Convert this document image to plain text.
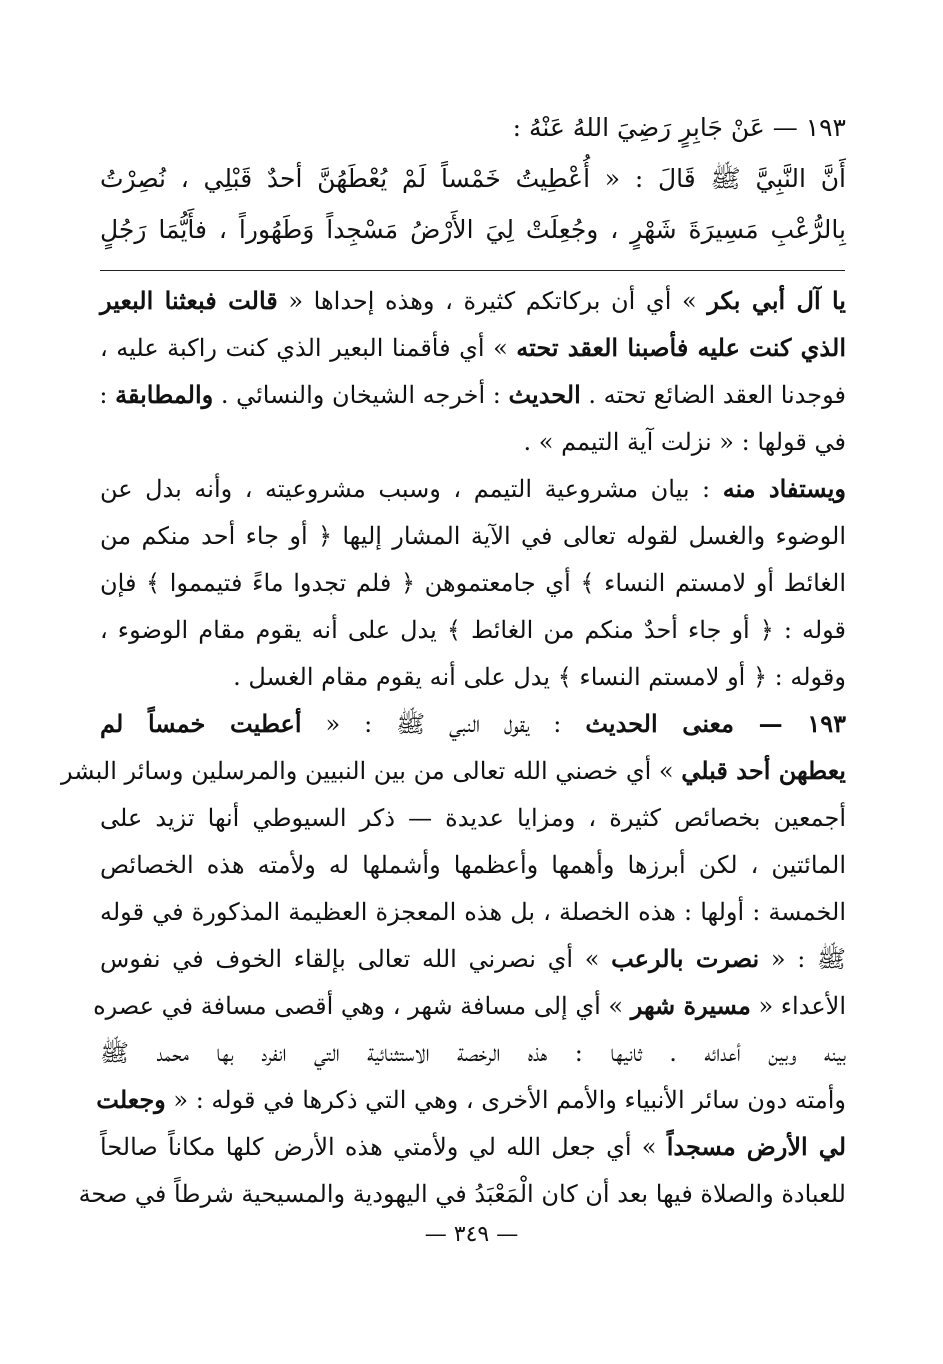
١٩٣ — عَنْ جَابِرٍ رَضِيَ اللهُ عَنْهُ :
أَنَّ النَّبِيَّ ﷺ قَالَ : « أُعْطِيتُ خَمْساً لَمْ يُعْطَهُنَّ أحدٌ قَبْلِي ، نُصِرْتُ
بِالرُّعْبِ مَسِيرَةَ شَهْرٍ ، وجُعِلَتْ لِيَ الأَرْضُ مَسْجِداً وَطَهُوراً ، فأَيُّمَا رَجُلٍ
يا آل أبي بكر » أي أن بركاتكم كثيرة ، وهذه إحداها « قالت فبعثنا البعير
الذي كنت عليه فأصبنا العقد تحته » أي فأقمنا البعير الذي كنت راكبة عليه ،
فوجدنا العقد الضائع تحته . الحديث : أخرجه الشيخان والنسائي . والمطابقة :
في قولها : « نزلت آية التيمم » .
ويستفاد منه : بيان مشروعية التيمم ، وسبب مشروعيته ، وأنه بدل عن
الوضوء والغسل لقوله تعالى في الآية المشار إليها ﴿ أو جاء أحد منكم من
الغائط أو لامستم النساء ﴾ أي جامعتموهن ﴿ فلم تجدوا ماءً فتيمموا ﴾ فإن
قوله : ﴿ أو جاء أحدٌ منكم من الغائط ﴾ يدل على أنه يقوم مقام الوضوء ،
وقوله : ﴿ أو لامستم النساء ﴾ يدل على أنه يقوم مقام الغسل .
١٩٣ — معنى الحديث : يقول النبي ﷺ : « أعطيت خمساً لم
يعطهن أحد قبلي » أي خصني الله تعالى من بين النبيين والمرسلين وسائر البشر
أجمعين بخصائص كثيرة ، ومزايا عديدة — ذكر السيوطي أنها تزيد على
المائتين ، لكن أبرزها وأهمها وأعظمها وأشملها له ولأمته هذه الخصائص
الخمسة : أولها : هذه الخصلة ، بل هذه المعجزة العظيمة المذكورة في قوله
ﷺ : « نصرت بالرعب » أي نصرني الله تعالى بإلقاء الخوف في نفوس
الأعداء « مسيرة شهر » أي إلى مسافة شهر ، وهي أقصى مسافة في عصره
بينه وبين أعدائه . ثانيها : هذه الرخصة الاستثنائية التي انفرد بها محمد ﷺ
وأمته دون سائر الأنبياء والأمم الأخرى ، وهي التي ذكرها في قوله : « وجعلت
لي الأرض مسجداً » أي جعل الله لي ولأمتي هذه الأرض كلها مكاناً صالحاً
للعبادة والصلاة فيها بعد أن كان الْمَعْبَدُ في اليهودية والمسيحية شرطاً في صحة
— ٣٤٩ —
